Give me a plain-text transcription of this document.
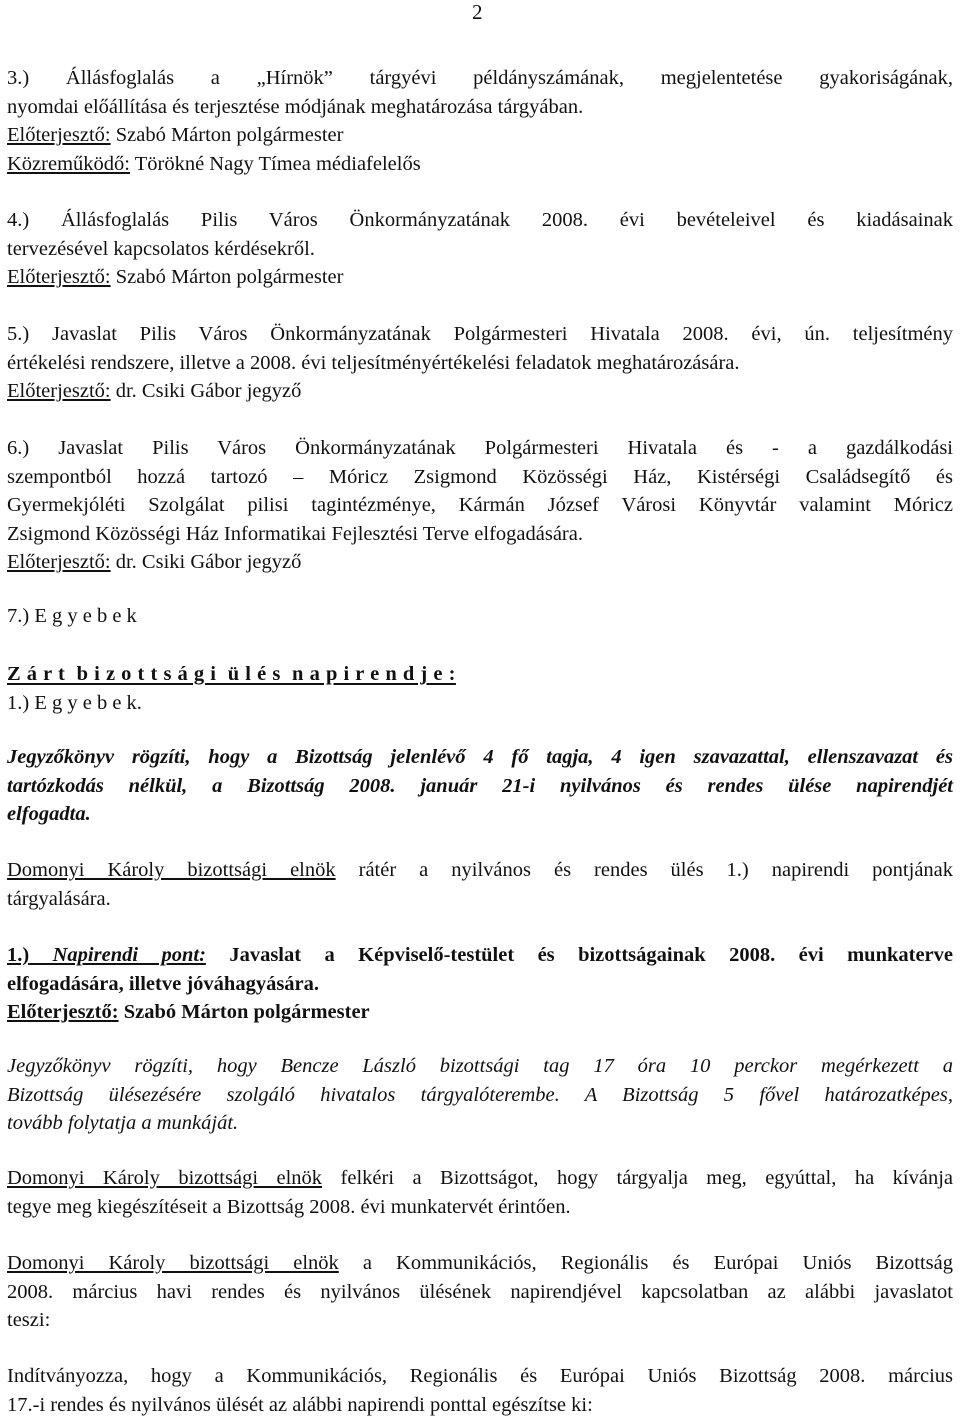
2
3.) Állásfoglalás a „Hírnök” tárgyévi példányszámának, megjelentetése gyakoriságának,
nyomdai előállítása és terjesztése módjának meghatározása tárgyában.
Előterjesztő: Szabó Márton polgármester
Közreműködő: Törökné Nagy Tímea médiafelelős
4.) Állásfoglalás Pilis Város Önkormányzatának 2008. évi bevételeivel és kiadásainak
tervezésével kapcsolatos kérdésekről.
Előterjesztő: Szabó Márton polgármester
5.) Javaslat Pilis Város Önkormányzatának Polgármesteri Hivatala 2008. évi, ún. teljesítmény
értékelési rendszere, illetve a 2008. évi teljesítményértékelési feladatok meghatározására.
Előterjesztő: dr. Csiki Gábor jegyző
6.) Javaslat Pilis Város Önkormányzatának Polgármesteri Hivatala és - a gazdálkodási
szempontból hozzá tartozó – Móricz Zsigmond Közösségi Ház, Kistérségi Családsegítő és
Gyermekjóléti Szolgálat pilisi tagintézménye, Kármán József Városi Könyvtár valamint Móricz
Zsigmond Közösségi Ház Informatikai Fejlesztési Terve elfogadására.
Előterjesztő: dr. Csiki Gábor jegyző
7.) E g y e b e k
Z á r t  b i z o t t s á g i  ü l é s  n a p i r e n d j e :
1.) E g y e b e k.
Jegyzőkönyv rögzíti, hogy a Bizottság jelenlévő 4 fő tagja, 4 igen szavazattal, ellenszavazat és
tartózkodás nélkül, a Bizottság 2008. január 21-i nyilvános és rendes ülése napirendjét
elfogadta.
Domonyi Károly bizottsági elnök rátér a nyilvános és rendes ülés 1.) napirendi pontjának
tárgyalására.
1.) Napirendi pont: Javaslat a Képviselő-testület és bizottságainak 2008. évi munkaterve
elfogadására, illetve jóváhagyására.
Előterjesztő: Szabó Márton polgármester
Jegyzőkönyv rögzíti, hogy Bencze László bizottsági tag 17 óra 10 perckor megérkezett a
Bizottság ülésezésére szolgáló hivatalos tárgyalóterembe. A Bizottság 5 fővel határozatképes,
tovább folytatja a munkáját.
Domonyi Károly bizottsági elnök felkéri a Bizottságot, hogy tárgyalja meg, egyúttal, ha kívánja
tegye meg kiegészítéseit a Bizottság 2008. évi munkatervét érintően.
Domonyi Károly bizottsági elnök a Kommunikációs, Regionális és Európai Uniós Bizottság
2008. március havi rendes és nyilvános ülésének napirendjével kapcsolatban az alábbi javaslatot
teszi:
Indítványozza, hogy a Kommunikációs, Regionális és Európai Uniós Bizottság 2008. március
17.-i rendes és nyilvános ülését az alábbi napirendi ponttal egészítse ki:
